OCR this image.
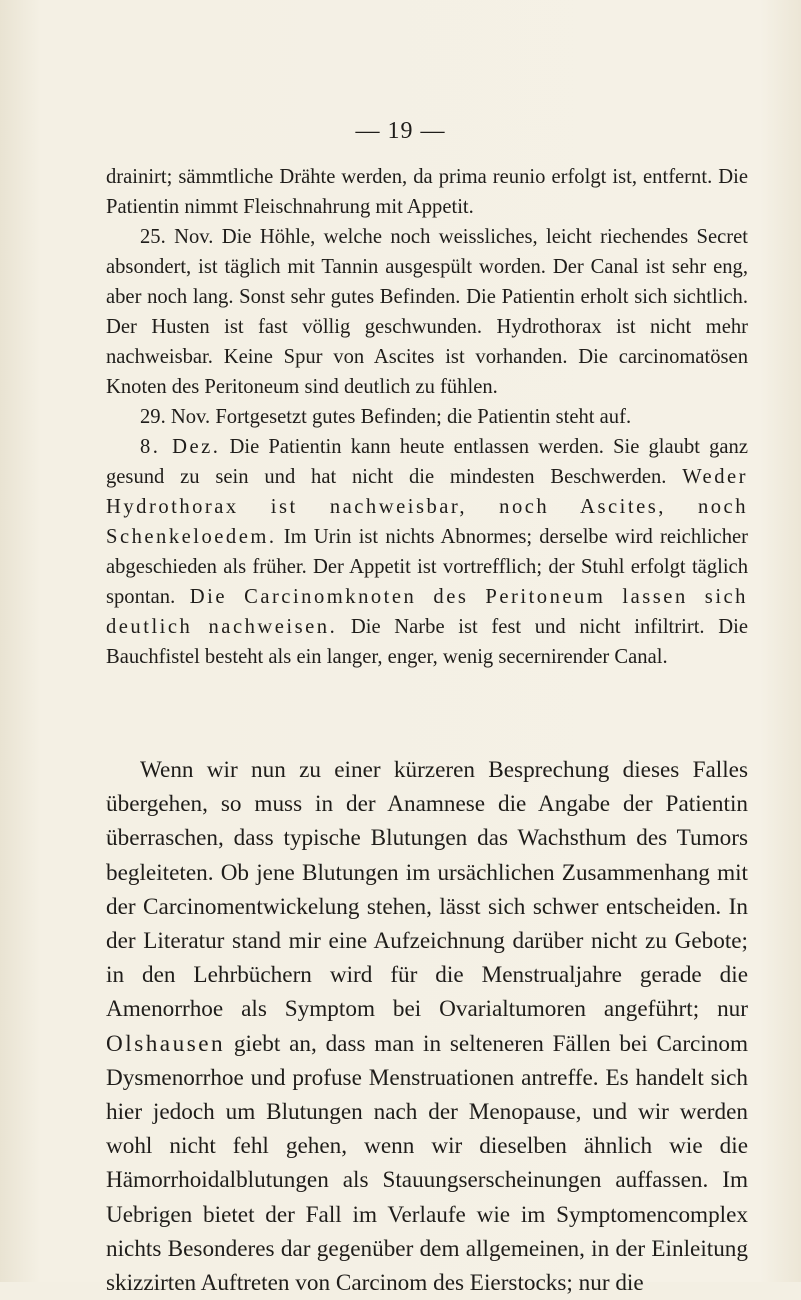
— 19 —

drainirt; sämmtliche Drähte werden, da prima reunio erfolgt ist, entfernt. Die Patientin nimmt Fleischnahrung mit Appetit.

25. Nov. Die Höhle, welche noch weissliches, leicht riechendes Secret absondert, ist täglich mit Tannin ausgespült worden. Der Canal ist sehr eng, aber noch lang. Sonst sehr gutes Befinden. Die Patientin erholt sich sichtlich. Der Husten ist fast völlig geschwunden. Hydrothorax ist nicht mehr nachweisbar. Keine Spur von Ascites ist vorhanden. Die carcinomatösen Knoten des Peritoneum sind deutlich zu fühlen.

29. Nov. Fortgesetzt gutes Befinden; die Patientin steht auf.

8. Dez. Die Patientin kann heute entlassen werden. Sie glaubt ganz gesund zu sein und hat nicht die mindesten Beschwerden. Weder Hydrothorax ist nachweisbar, noch Ascites, noch Schenkeloedem. Im Urin ist nichts Abnormes; derselbe wird reichlicher abgeschieden als früher. Der Appetit ist vortrefflich; der Stuhl erfolgt täglich spontan. Die Carcinomknoten des Peritoneum lassen sich deutlich nachweisen. Die Narbe ist fest und nicht infiltrirt. Die Bauchfistel besteht als ein langer, enger, wenig secernirender Canal.

Wenn wir nun zu einer kürzeren Besprechung dieses Falles übergehen, so muss in der Anamnese die Angabe der Patientin überraschen, dass typische Blutungen das Wachsthum des Tumors begleiteten. Ob jene Blutungen im ursächlichen Zusammenhang mit der Carcinomentwickelung stehen, lässt sich schwer entscheiden. In der Literatur stand mir eine Aufzeichnung darüber nicht zu Gebote; in den Lehrbüchern wird für die Menstrualjahre gerade die Amenorrhoe als Symptom bei Ovarialtumoren angeführt; nur Olshausen giebt an, dass man in selteneren Fällen bei Carcinom Dysmenorrhoe und profuse Menstruationen antreffe. Es handelt sich hier jedoch um Blutungen nach der Menopause, und wir werden wohl nicht fehl gehen, wenn wir dieselben ähnlich wie die Hämorrhoidalblutungen als Stauungserscheinungen auffassen. Im Uebrigen bietet der Fall im Verlaufe wie im Symptomencomplex nichts Besonderes dar gegenüber dem allgemeinen, in der Einleitung skizzirten Auftreten von Carcinom des Eierstocks; nur die
